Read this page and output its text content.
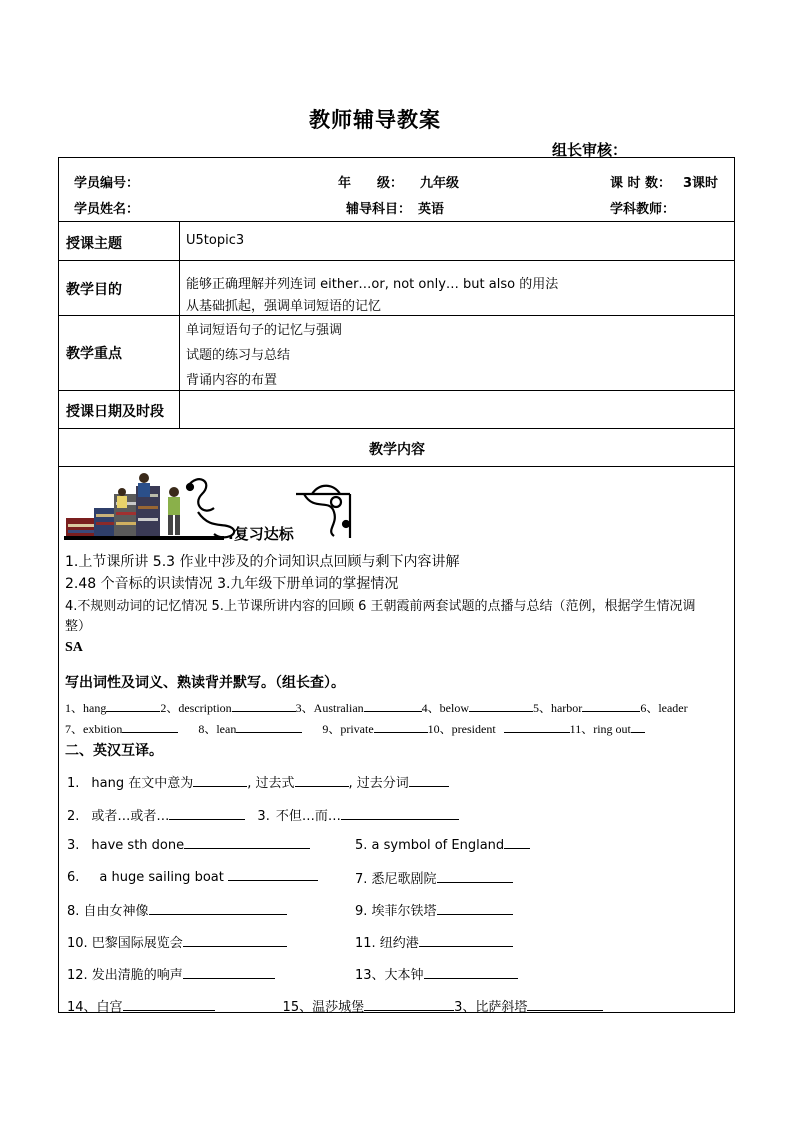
教师辅导教案
组长审核：
学员编号：	年　　级： 九年级	课 时 数： 3课时
学员姓名：	辅导科目： 英语	学科教师：
授课主题	U5topic3
教学目的	能够正确理解并列连词 either…or, not only… but also 的用法
从基础抓起，强调单词短语的记忆
教学重点
单词短语句子的记忆与强调
试题的练习与总结
背诵内容的布置
授课日期及时段
教学内容
.复习达标
1.上节课所讲 5.3 作业中涉及的介词知识点回顾与剩下内容讲解
2.48 个音标的识读情况 3.九年级下册单词的掌握情况
4.不规则动词的记忆情况 5.上节课所讲内容的回顾 6 王朝霞前两套试题的点播与总结（范例，根据学生情况调
整）
SA
写出词性及词义、熟读背并默写。（组长查）。
1、hang	2、description	3、Australian	4、below	5、harbor	6、leader
7、exbition	8、lean	9、private	10、president	11、ring out
二、英汉互译。
1. hang 在文中意为	, 过去式	, 过去分词
2. 或者…或者…	3. 不但…而…
3. have sth done	5. a symbol of England
6. a huge sailing boat	7. 悉尼歌剧院
8. 自由女神像	9. 埃菲尔铁塔
10. 巴黎国际展览会	11. 纽约港
12. 发出清脆的响声	13、大本钟
14、白宫	15、温莎城堡	3、比萨斜塔
